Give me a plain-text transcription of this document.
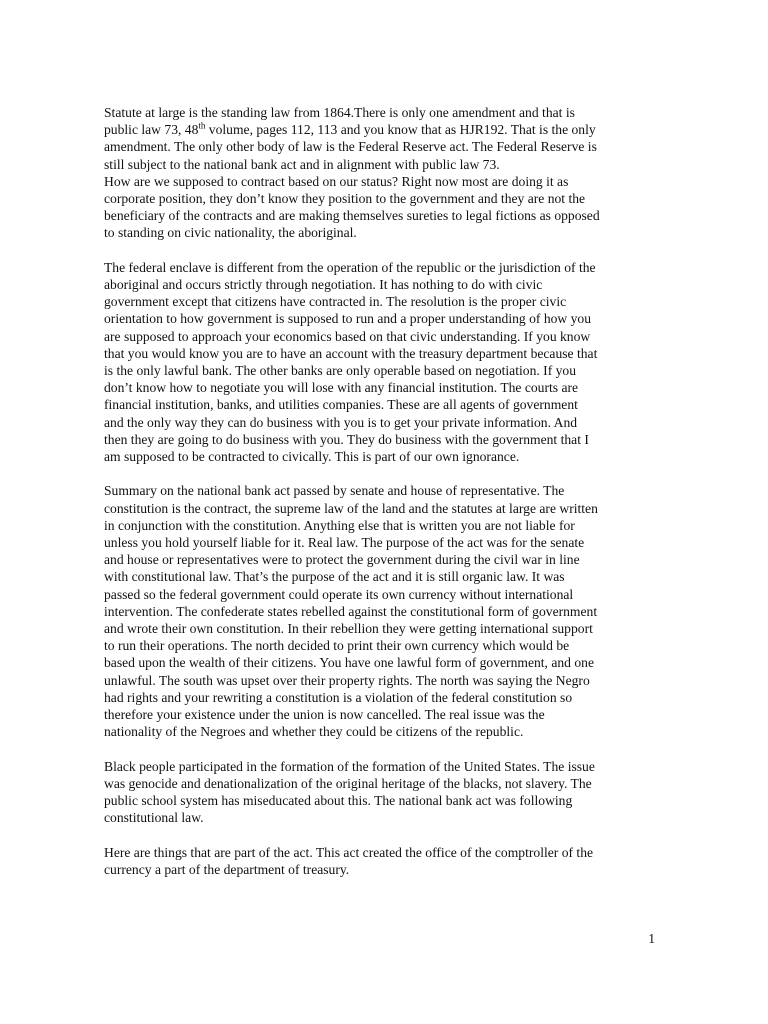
Statute at large is the standing law from 1864.There is only one amendment and that is
public law 73, 48th volume, pages 112, 113 and you know that as HJR192. That is the only
amendment. The only other body of law is the Federal Reserve act. The Federal Reserve is
still subject to the national bank act and in alignment with public law 73.

How are we supposed to contract based on our status? Right now most are doing it as
corporate position, they don’t know they position to the government and they are not the
beneficiary of the contracts and are making themselves sureties to legal fictions as opposed
to standing on civic nationality, the aboriginal.

The federal enclave is different from the operation of the republic or the jurisdiction of the
aboriginal and occurs strictly through negotiation. It has nothing to do with civic
government except that citizens have contracted in. The resolution is the proper civic
orientation to how government is supposed to run and a proper understanding of how you
are supposed to approach your economics based on that civic understanding. If you know
that you would know you are to have an account with the treasury department because that
is the only lawful bank. The other banks are only operable based on negotiation. If you
don’t know how to negotiate you will lose with any financial institution. The courts are
financial institution, banks, and utilities companies. These are all agents of government
and the only way they can do business with you is to get your private information. And
then they are going to do business with you. They do business with the government that I
am supposed to be contracted to civically. This is part of our own ignorance.

Summary on the national bank act passed by senate and house of representative. The
constitution is the contract, the supreme law of the land and the statutes at large are written
in conjunction with the constitution. Anything else that is written you are not liable for
unless you hold yourself liable for it. Real law. The purpose of the act was for the senate
and house or representatives were to protect the government during the civil war in line
with constitutional law. That’s the purpose of the act and it is still organic law. It was
passed so the federal government could operate its own currency without international
intervention. The confederate states rebelled against the constitutional form of government
and wrote their own constitution. In their rebellion they were getting international support
to run their operations. The north decided to print their own currency which would be
based upon the wealth of their citizens. You have one lawful form of government, and one
unlawful. The south was upset over their property rights. The north was saying the Negro
had rights and your rewriting a constitution is a violation of the federal constitution so
therefore your existence under the union is now cancelled. The real issue was the
nationality of the Negroes and whether they could be citizens of the republic.

Black people participated in the formation of the formation of the United States. The issue
was genocide and denationalization of the original heritage of the blacks, not slavery. The
public school system has miseducated about this. The national bank act was following
constitutional law.

Here are things that are part of the act. This act created the office of the comptroller of the
currency a part of the department of treasury.

1
